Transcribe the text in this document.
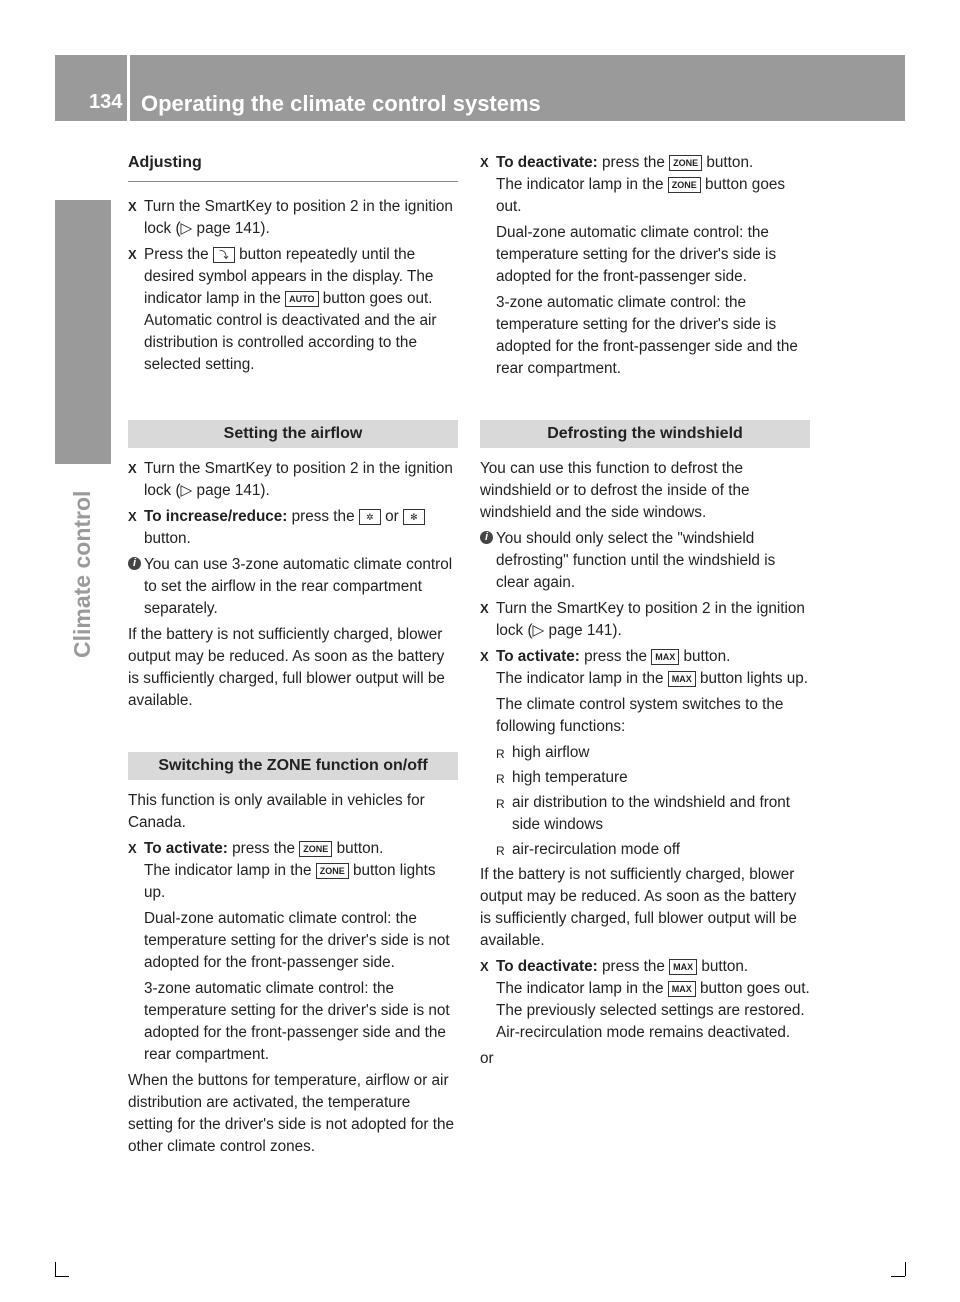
134 Operating the climate control systems
Climate control
Adjusting
X Turn the SmartKey to position 2 in the ignition lock (▷ page 141).
X Press the ⤵ button repeatedly until the desired symbol appears in the display. The indicator lamp in the AUTO button goes out. Automatic control is deactivated and the air distribution is controlled according to the selected setting.
Setting the airflow
X Turn the SmartKey to position 2 in the ignition lock (▷ page 141).
X To increase/reduce: press the ✲ or ✻ button.
i You can use 3-zone automatic climate control to set the airflow in the rear compartment separately.
If the battery is not sufficiently charged, blower output may be reduced. As soon as the battery is sufficiently charged, full blower output will be available.
Switching the ZONE function on/off
This function is only available in vehicles for Canada.
X To activate: press the ZONE button.
The indicator lamp in the ZONE button lights up.
Dual-zone automatic climate control: the temperature setting for the driver's side is not adopted for the front-passenger side.
3-zone automatic climate control: the temperature setting for the driver's side is not adopted for the front-passenger side and the rear compartment.
When the buttons for temperature, airflow or air distribution are activated, the temperature setting for the driver's side is not adopted for the other climate control zones.
X To deactivate: press the ZONE button.
The indicator lamp in the ZONE button goes out.
Dual-zone automatic climate control: the temperature setting for the driver's side is adopted for the front-passenger side.
3-zone automatic climate control: the temperature setting for the driver's side is adopted for the front-passenger side and the rear compartment.
Defrosting the windshield
You can use this function to defrost the windshield or to defrost the inside of the windshield and the side windows.
i You should only select the "windshield defrosting" function until the windshield is clear again.
X Turn the SmartKey to position 2 in the ignition lock (▷ page 141).
X To activate: press the MAX button.
The indicator lamp in the MAX button lights up.
The climate control system switches to the following functions:
R high airflow
R high temperature
R air distribution to the windshield and front side windows
R air-recirculation mode off
If the battery is not sufficiently charged, blower output may be reduced. As soon as the battery is sufficiently charged, full blower output will be available.
X To deactivate: press the MAX button.
The indicator lamp in the MAX button goes out. The previously selected settings are restored. Air-recirculation mode remains deactivated.
or
